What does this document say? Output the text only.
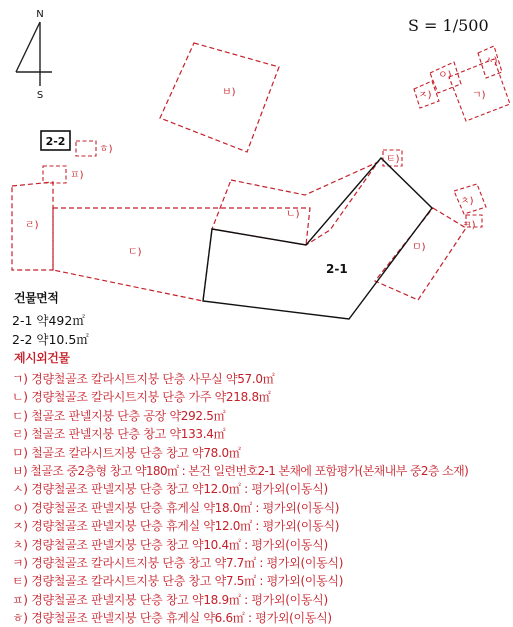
N
S	ㅂ)
ㅅ)
ㅇ)
ㅈ)	ㄱ)
2-2
ㅎ)
ㅍ)
ㄹ)
ㄷ)
ㄴ)
ㅌ)
ㅁ)
ㅊ)
ㅋ)
2-1
S = 1/500
건물면적
2-1 약492㎡
2-2 약10.5㎡
제시외건물
ㄱ) 경량철골조 칼라시트지붕 단층 사무실 약57.0㎡
ㄴ) 경량철골조 칼라시트지붕 단층 가주 약218.8㎡
ㄷ) 철골조 판넬지붕 단층 공장 약292.5㎡
ㄹ) 철골조 판넬지붕 단층 창고 약133.4㎡
ㅁ) 철골조 칼라시트지붕 단층 창고 약78.0㎡
ㅂ) 철골조 중2층형 창고 약180㎡ : 본건 일련번호2-1 본채에 포함평가(본채내부 중2층 소재)
ㅅ) 경량철골조 판넬지붕 단층 창고 약12.0㎡ : 평가외(이동식)
ㅇ) 경량철골조 판넬지붕 단층 휴게실 약18.0㎡ : 평가외(이동식)
ㅈ) 경량철골조 판넬지붕 단층 휴게실 약12.0㎡ : 평가외(이동식)
ㅊ) 경량철골조 판넬지붕 단층 창고 약10.4㎡ : 평가외(이동식)
ㅋ) 경량철골조 칼라시트지붕 단층 창고 약7.7㎡ : 평가외(이동식)
ㅌ) 경량철골조 칼라시트지붕 단층 창고 약7.5㎡ : 평가외(이동식)
ㅍ) 경량철골조 판넬지붕 단층 창고 약18.9㎡ : 평가외(이동식)
ㅎ) 경량철골조 판넬지붕 단층 휴게실 약6.6㎡ : 평가외(이동식)
